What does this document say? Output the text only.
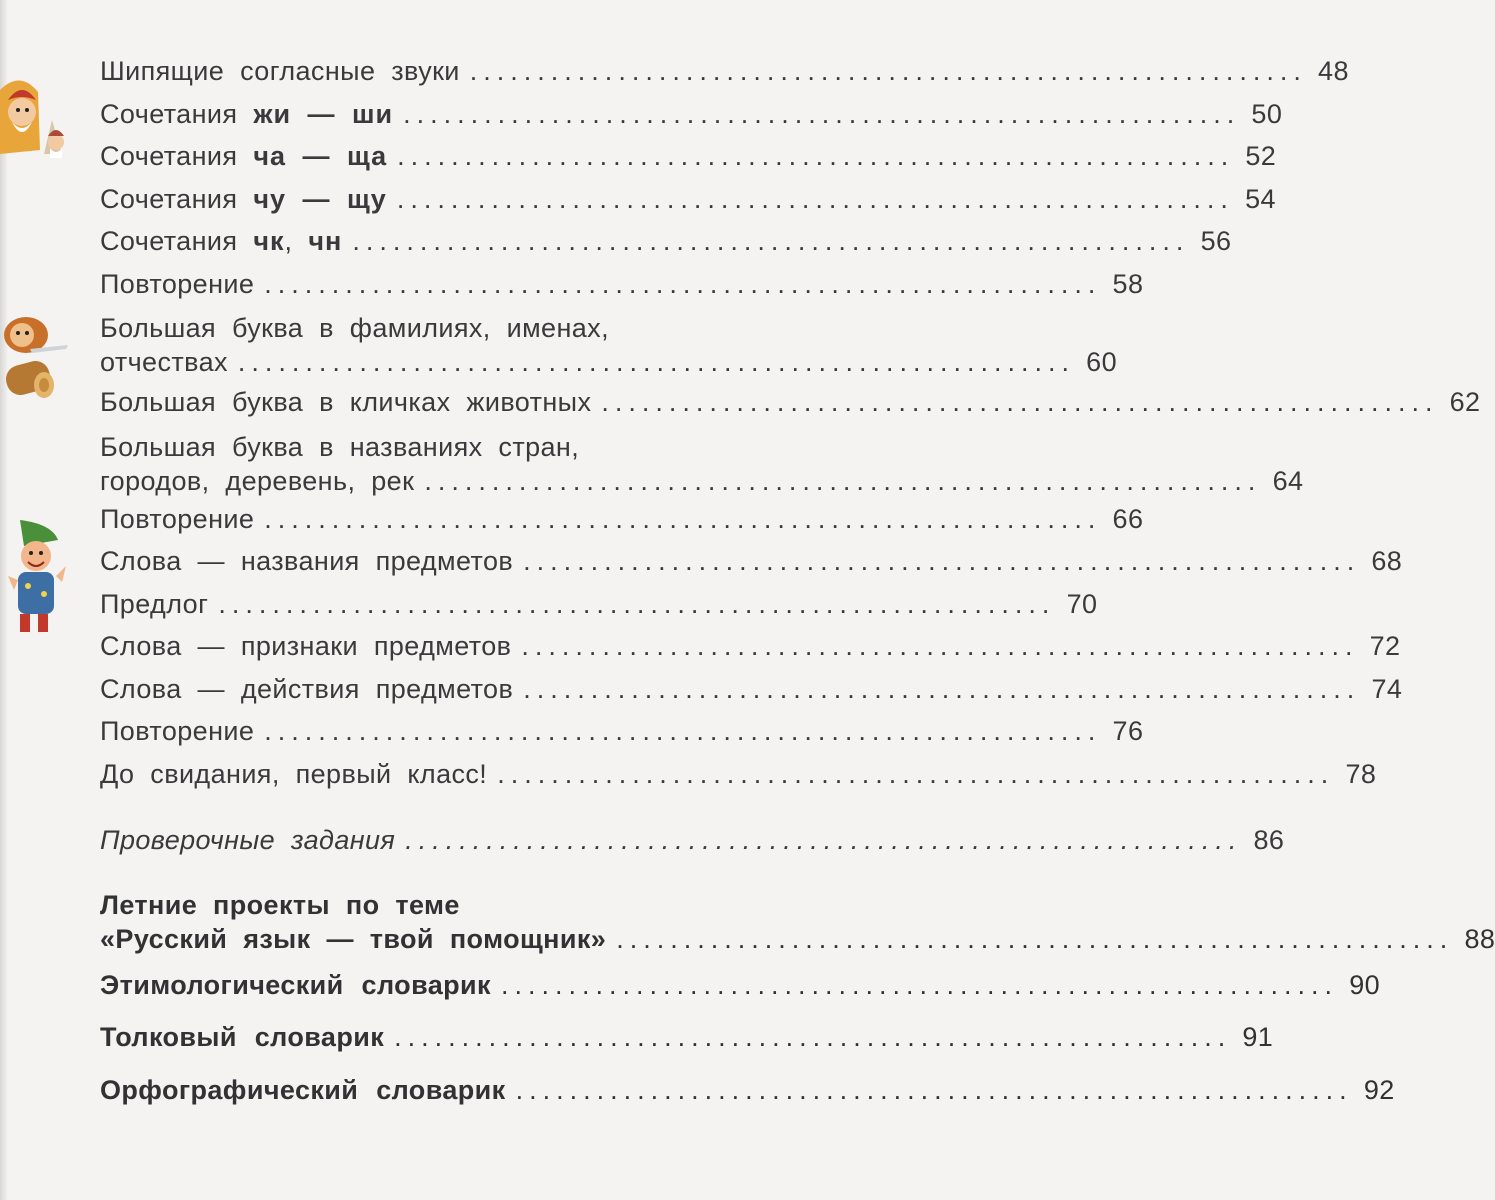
Шипящие согласные звуки .............................................................. 48
Сочетания жи — ши .............................................................. 50
Сочетания ча — ща .............................................................. 52
Сочетания чу — щу .............................................................. 54
Сочетания чк, чн .............................................................. 56
Повторение .............................................................. 58
Большая буква в фамилиях, именах,
отчествах .............................................................. 60
Большая буква в кличках животных .............................................................. 62
Большая буква в названиях стран,
городов, деревень, рек .............................................................. 64
Повторение .............................................................. 66
Слова — названия предметов .............................................................. 68
Предлог .............................................................. 70
Слова — признаки предметов .............................................................. 72
Слова — действия предметов .............................................................. 74
Повторение .............................................................. 76
До свидания, первый класс! .............................................................. 78
Проверочные задания .............................................................. 86
Летние проекты по теме
«Русский язык — твой помощник» .............................................................. 88
Этимологический словарик .............................................................. 90
Толковый словарик .............................................................. 91
Орфографический словарик .............................................................. 92
